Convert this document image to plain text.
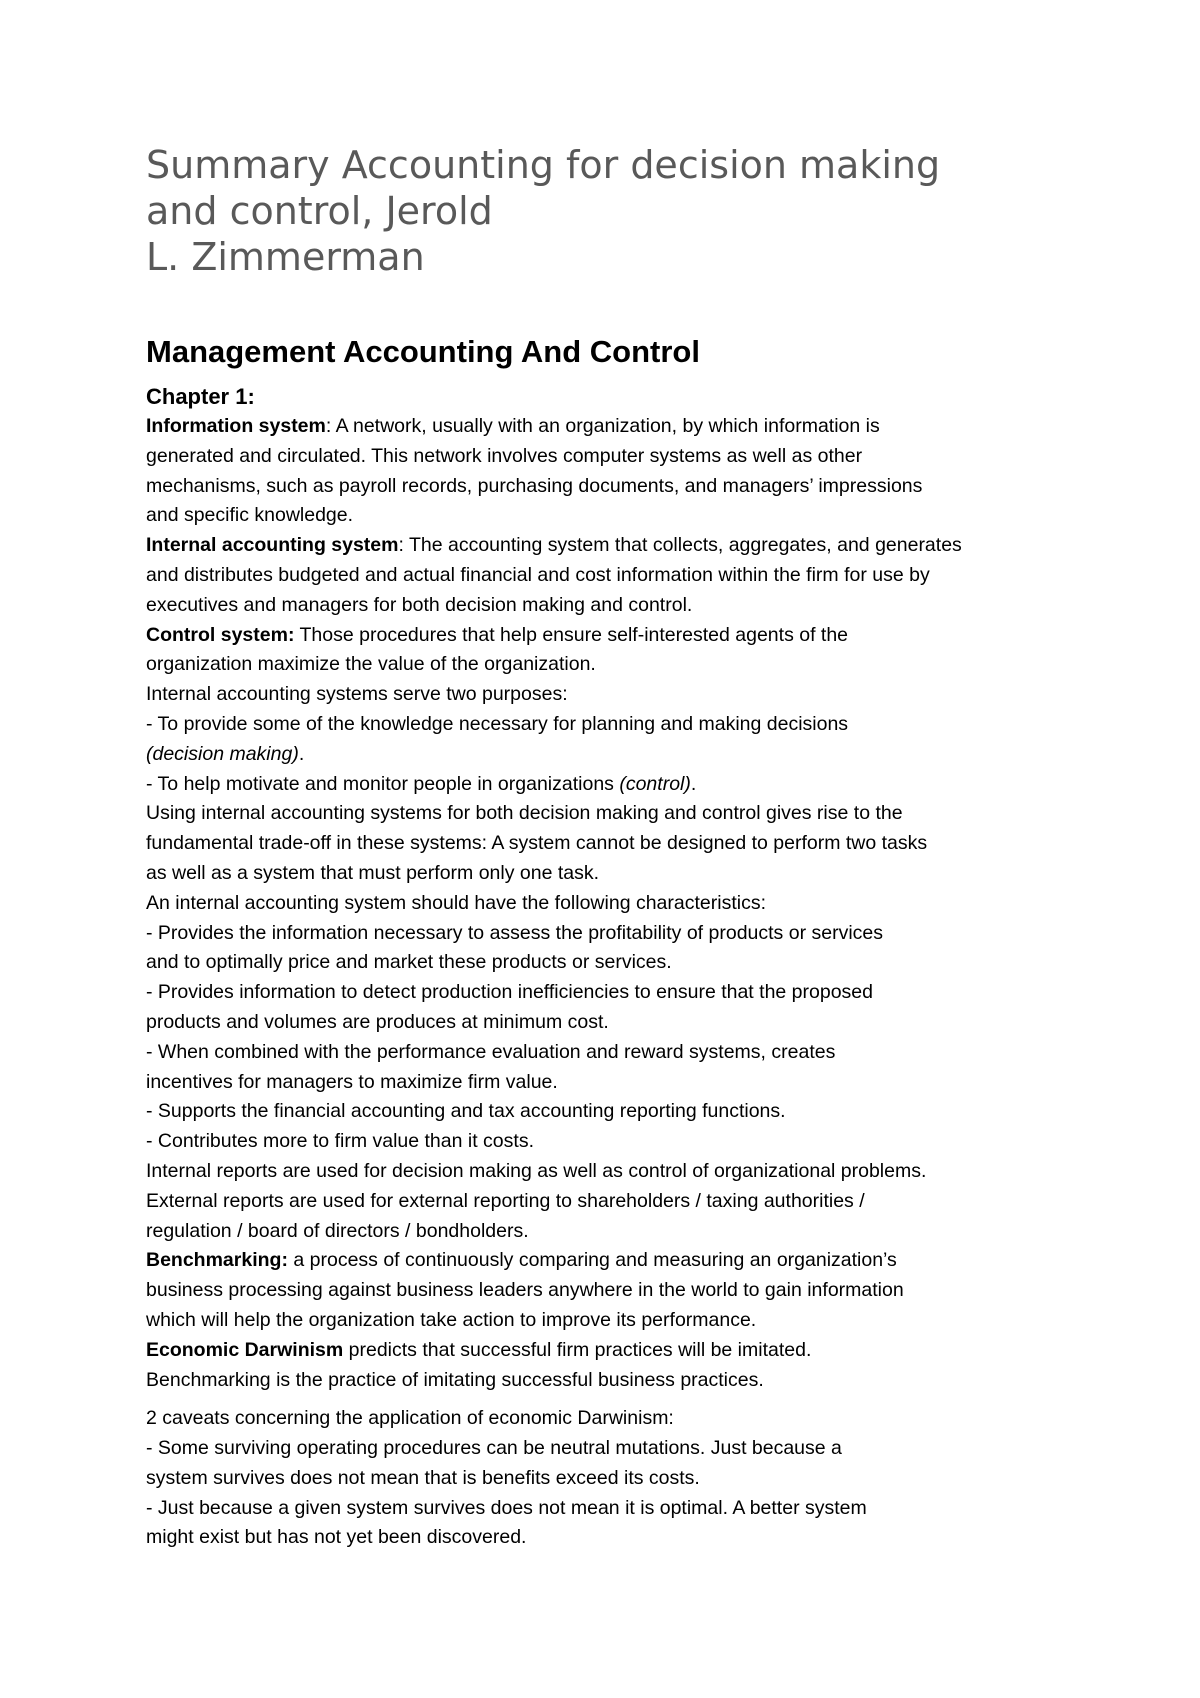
Summary Accounting for decision making
and control, Jerold
L. Zimmerman
Management Accounting And Control
Chapter 1:
Information system: A network, usually with an organization, by which information is
generated and circulated. This network involves computer systems as well as other
mechanisms, such as payroll records, purchasing documents, and managers’ impressions
and specific knowledge.
Internal accounting system: The accounting system that collects, aggregates, and generates
and distributes budgeted and actual financial and cost information within the firm for use by
executives and managers for both decision making and control.
Control system: Those procedures that help ensure self-interested agents of the
organization maximize the value of the organization.
Internal accounting systems serve two purposes:
- To provide some of the knowledge necessary for planning and making decisions
(decision making).
- To help motivate and monitor people in organizations (control).
Using internal accounting systems for both decision making and control gives rise to the
fundamental trade-off in these systems: A system cannot be designed to perform two tasks
as well as a system that must perform only one task.
An internal accounting system should have the following characteristics:
- Provides the information necessary to assess the profitability of products or services
and to optimally price and market these products or services.
- Provides information to detect production inefficiencies to ensure that the proposed
products and volumes are produces at minimum cost.
- When combined with the performance evaluation and reward systems, creates
incentives for managers to maximize firm value.
- Supports the financial accounting and tax accounting reporting functions.
- Contributes more to firm value than it costs.
Internal reports are used for decision making as well as control of organizational problems.
External reports are used for external reporting to shareholders / taxing authorities /
regulation / board of directors / bondholders.
Benchmarking: a process of continuously comparing and measuring an organization’s
business processing against business leaders anywhere in the world to gain information
which will help the organization take action to improve its performance.
Economic Darwinism predicts that successful firm practices will be imitated.
Benchmarking is the practice of imitating successful business practices.
2 caveats concerning the application of economic Darwinism:
- Some surviving operating procedures can be neutral mutations. Just because a
system survives does not mean that is benefits exceed its costs.
- Just because a given system survives does not mean it is optimal. A better system
might exist but has not yet been discovered.
